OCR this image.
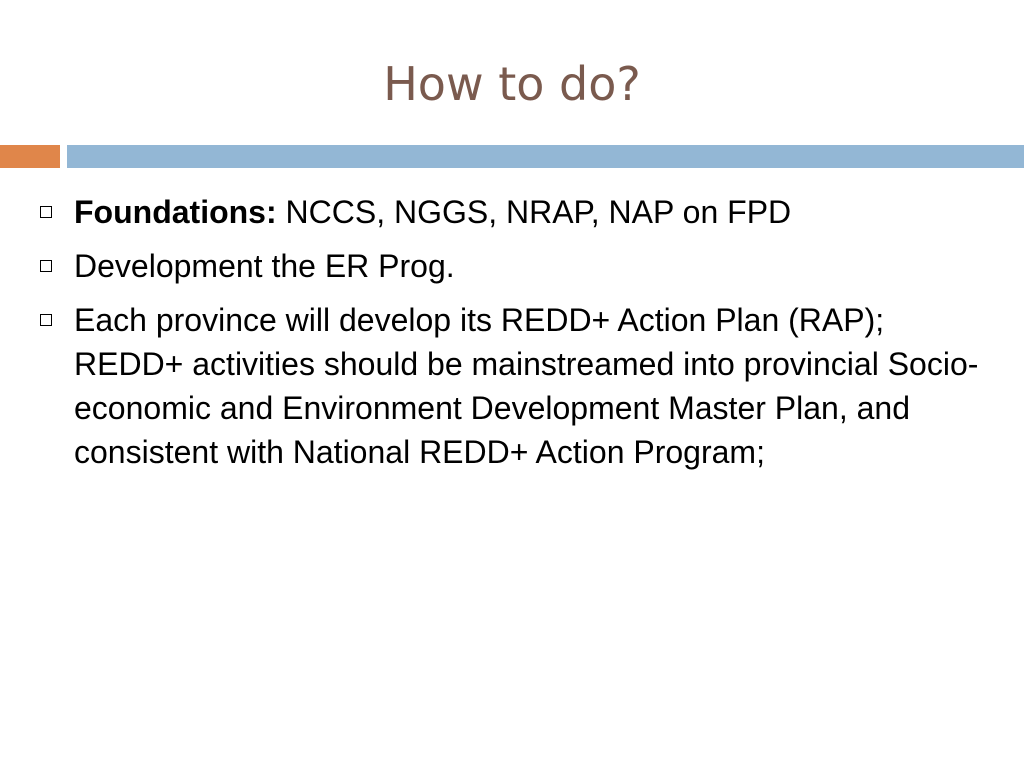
How to do?
Foundations: NCCS, NGGS, NRAP, NAP on FPD
Development the ER Prog.
Each province will develop its REDD+ Action Plan (RAP); REDD+ activities should be mainstreamed into provincial Socio-economic and Environment Development Master Plan, and consistent with National REDD+ Action Program;
